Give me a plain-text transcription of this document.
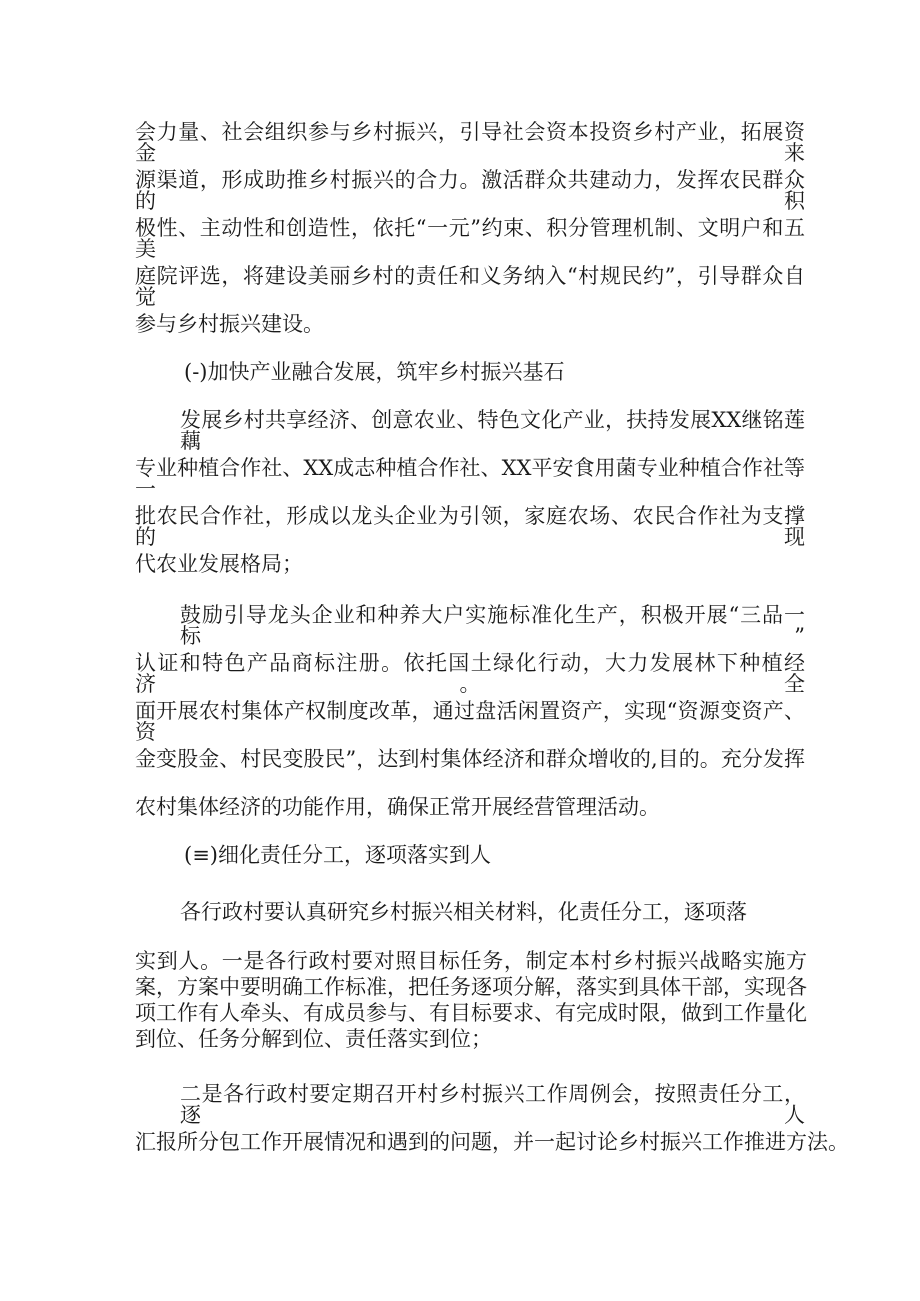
会力量、社会组织参与乡村振兴，引导社会资本投资乡村产业，拓展资金来
源渠道，形成助推乡村振兴的合力。激活群众共建动力，发挥农民群众的积
极性、主动性和创造性，依托“一元”约束、积分管理机制、文明户和五美
庭院评选，将建设美丽乡村的责任和义务纳入“村规民约”，引导群众自觉
参与乡村振兴建设。
(-)加快产业融合发展，筑牢乡村振兴基石
发展乡村共享经济、创意农业、特色文化产业，扶持发展XX继铭莲藕
专业种植合作社、XX成志种植合作社、XX平安食用菌专业种植合作社等一
批农民合作社，形成以龙头企业为引领，家庭农场、农民合作社为支撑的现
代农业发展格局；
鼓励引导龙头企业和种养大户实施标准化生产，积极开展“三品一标”
认证和特色产品商标注册。依托国土绿化行动，大力发展林下种植经济。全
面开展农村集体产权制度改革，通过盘活闲置资产，实现“资源变资产、资
金变股金、村民变股民”，达到村集体经济和群众增收的,目的。充分发挥
农村集体经济的功能作用，确保正常开展经营管理活动。
(≡)细化责任分工，逐项落实到人
各行政村要认真研究乡村振兴相关材料，化责任分工，逐项落
实到人。一是各行政村要对照目标任务，制定本村乡村振兴战略实施方案，方案中要明确工作标准，把任务逐项分解，落实到具体干部，实现各项工作有人牵头、有成员参与、有目标要求、有完成时限，做到工作量化到位、任务分解到位、责任落实到位；
二是各行政村要定期召开村乡村振兴工作周例会，按照责任分工，逐人
汇报所分包工作开展情况和遇到的问题，并一起讨论乡村振兴工作推进方法。
